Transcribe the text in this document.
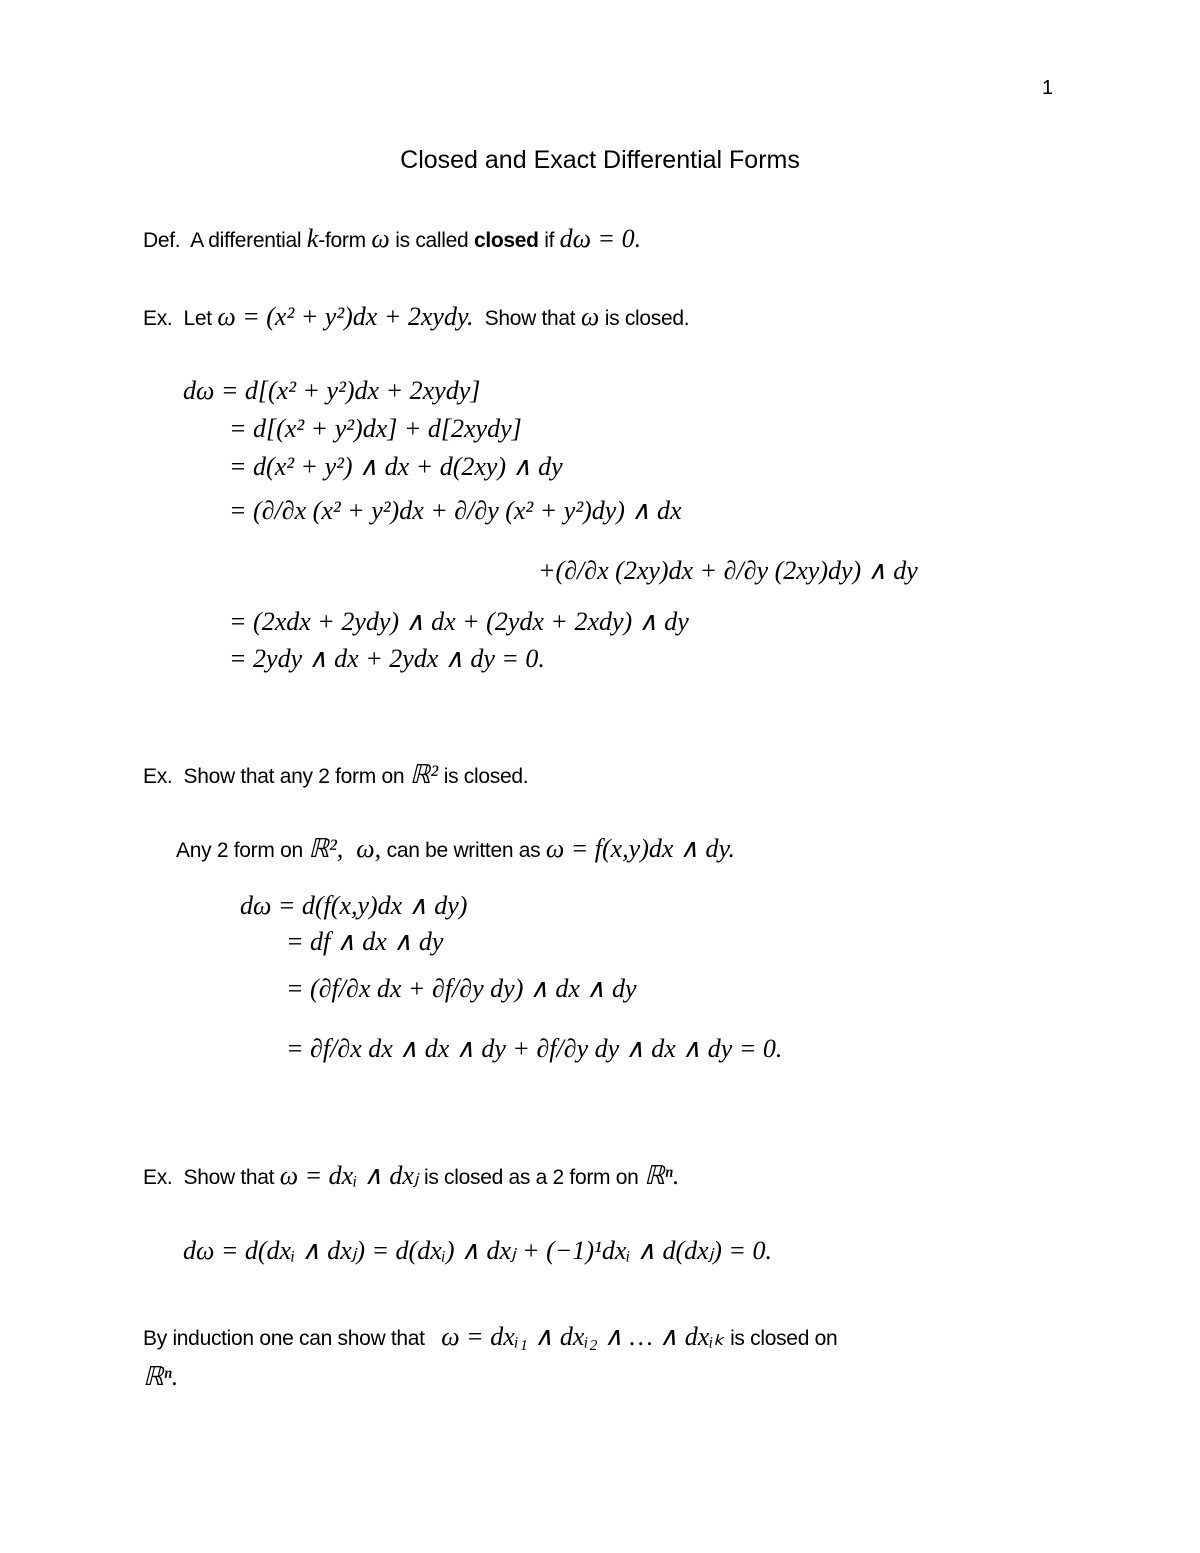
1
Closed and Exact Differential Forms
Def.  A differential k-form ω is called closed if dω = 0.
Ex.  Let ω = (x² + y²)dx + 2xydy.  Show that ω is closed.
dω = d[(x² + y²)dx + 2xydy]
= d[(x² + y²)dx] + d[2xydy]
= d(x² + y²) ∧ dx + d(2xy) ∧ dy
= (∂/∂x (x² + y²)dx + ∂/∂y (x² + y²)dy) ∧ dx
+(∂/∂x (2xy)dx + ∂/∂y (2xy)dy) ∧ dy
= (2xdx + 2ydy) ∧ dx + (2ydx + 2xdy) ∧ dy
= 2ydy ∧ dx + 2ydx ∧ dy = 0.
Ex.  Show that any 2 form on ℝ² is closed.
Any 2 form on ℝ²,  ω, can be written as ω = f(x,y)dx ∧ dy.
dω = d(f(x,y)dx ∧ dy)
= df ∧ dx ∧ dy
= (∂f/∂x dx + ∂f/∂y dy) ∧ dx ∧ dy
= ∂f/∂x dx ∧ dx ∧ dy + ∂f/∂y dy ∧ dx ∧ dy = 0.
Ex.  Show that ω = dxᵢ ∧ dxⱼ is closed as a 2 form on ℝⁿ.
dω = d(dxᵢ ∧ dxⱼ) = d(dxᵢ) ∧ dxⱼ + (−1)¹dxᵢ ∧ d(dxⱼ) = 0.
By induction one can show that   ω = dxᵢ₁ ∧ dxᵢ₂ ∧ … ∧ dxᵢₖ is closed on
ℝⁿ.
